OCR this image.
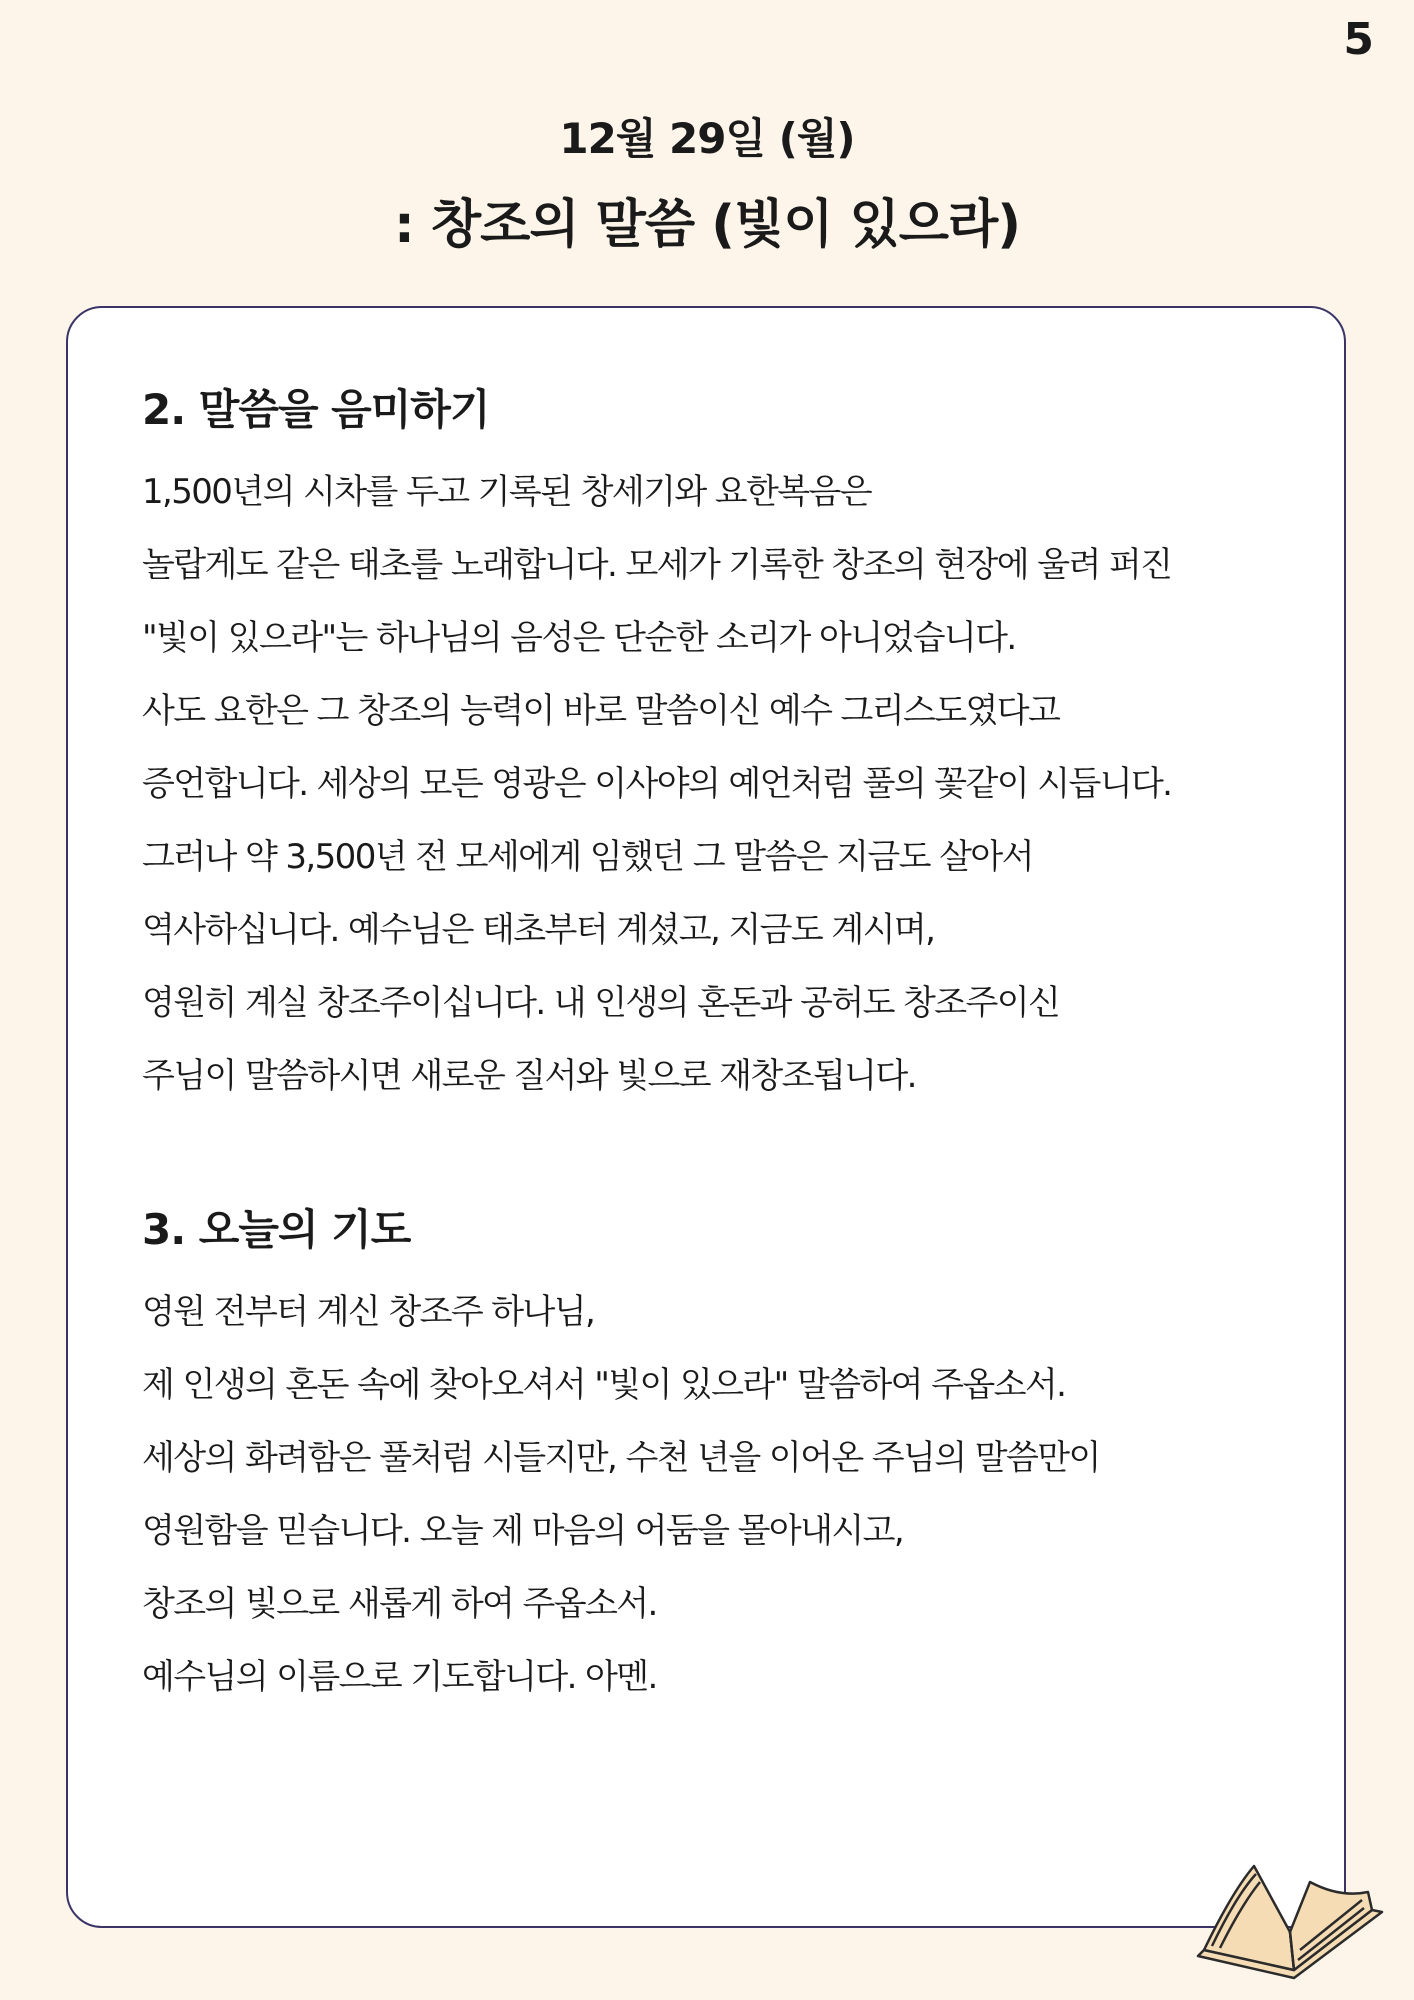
5
12월 29일 (월)
: 창조의 말씀 (빛이 있으라)
2. 말씀을 음미하기
1,500년의 시차를 두고 기록된 창세기와 요한복음은
놀랍게도 같은 태초를 노래합니다. 모세가 기록한 창조의 현장에 울려 퍼진
"빛이 있으라"는 하나님의 음성은 단순한 소리가 아니었습니다.
사도 요한은 그 창조의 능력이 바로 말씀이신 예수 그리스도였다고
증언합니다. 세상의 모든 영광은 이사야의 예언처럼 풀의 꽃같이 시듭니다.
그러나 약 3,500년 전 모세에게 임했던 그 말씀은 지금도 살아서
역사하십니다. 예수님은 태초부터 계셨고, 지금도 계시며,
영원히 계실 창조주이십니다. 내 인생의 혼돈과 공허도 창조주이신
주님이 말씀하시면 새로운 질서와 빛으로 재창조됩니다.
3. 오늘의 기도
영원 전부터 계신 창조주 하나님,
제 인생의 혼돈 속에 찾아오셔서 "빛이 있으라" 말씀하여 주옵소서.
세상의 화려함은 풀처럼 시들지만, 수천 년을 이어온 주님의 말씀만이
영원함을 믿습니다. 오늘 제 마음의 어둠을 몰아내시고,
창조의 빛으로 새롭게 하여 주옵소서.
예수님의 이름으로 기도합니다. 아멘.
